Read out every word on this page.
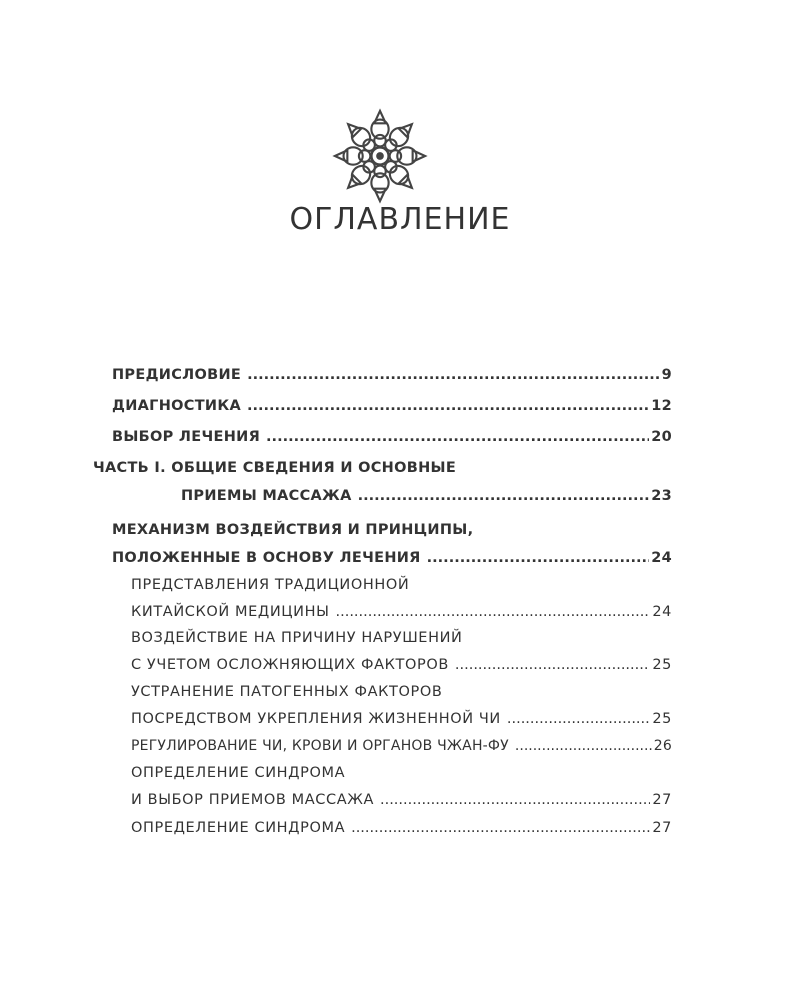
ОГЛАВЛЕНИЕ
ПРЕДИСЛОВИЕ .....	9
ДИАГНОСТИКА .....	12
ВЫБОР ЛЕЧЕНИЯ .....	20
ЧАСТЬ I. ОБЩИЕ СВЕДЕНИЯ И ОСНОВНЫЕ
ПРИЕМЫ МАССАЖА .....	23
МЕХАНИЗМ ВОЗДЕЙСТВИЯ И ПРИНЦИПЫ,
ПОЛОЖЕННЫЕ В ОСНОВУ ЛЕЧЕНИЯ .....	24
ПРЕДСТАВЛЕНИЯ ТРАДИЦИОННОЙ
КИТАЙСКОЙ МЕДИЦИНЫ .....	24
ВОЗДЕЙСТВИЕ НА ПРИЧИНУ НАРУШЕНИЙ
С УЧЕТОМ ОСЛОЖНЯЮЩИХ ФАКТОРОВ .....	25
УСТРАНЕНИЕ ПАТОГЕННЫХ ФАКТОРОВ
ПОСРЕДСТВОМ УКРЕПЛЕНИЯ ЖИЗНЕННОЙ ЧИ .....	25
РЕГУЛИРОВАНИЕ ЧИ, КРОВИ И ОРГАНОВ ЧЖАН-ФУ .....	26
ОПРЕДЕЛЕНИЕ СИНДРОМА
И ВЫБОР ПРИЕМОВ МАССАЖА .....	27
ОПРЕДЕЛЕНИЕ СИНДРОМА .....	27
